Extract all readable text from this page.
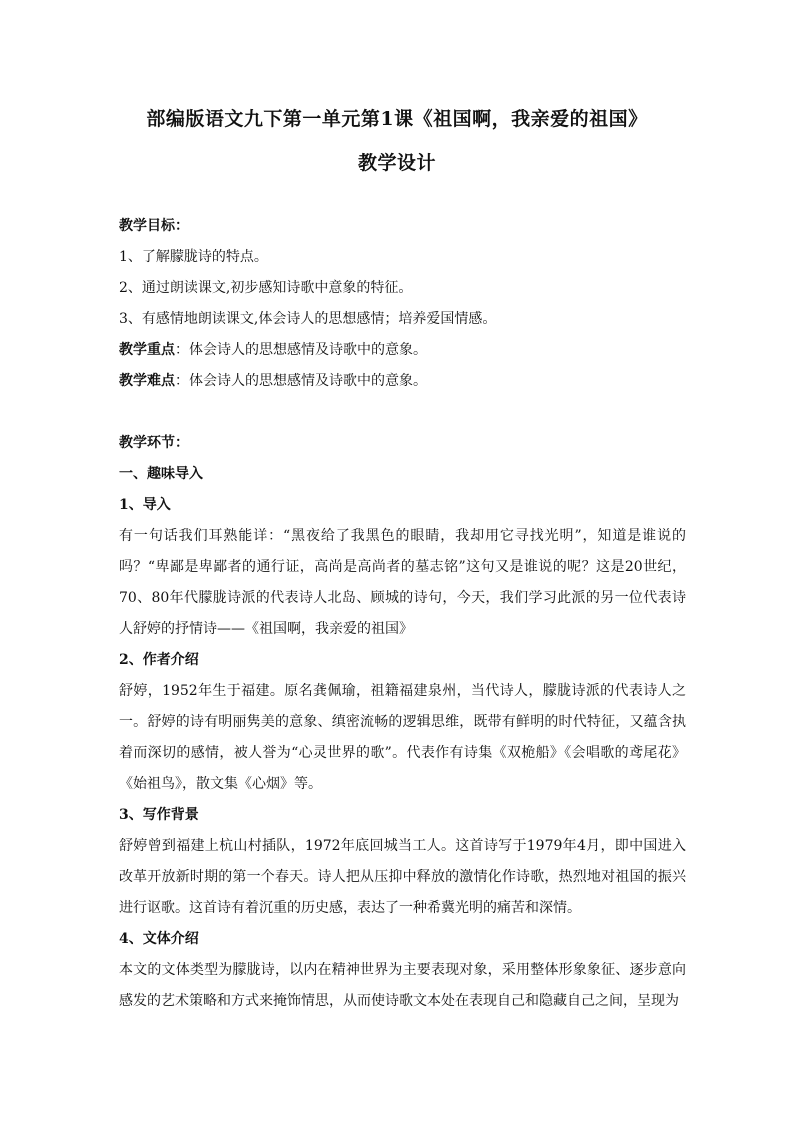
部编版语文九下第一单元第1课《祖国啊，我亲爱的祖国》
教学设计
教学目标：
1、了解朦胧诗的特点。
2、通过朗读课文,初步感知诗歌中意象的特征。
3、有感情地朗读课文,体会诗人的思想感情；培养爱国情感。
教学重点：体会诗人的思想感情及诗歌中的意象。
教学难点：体会诗人的思想感情及诗歌中的意象。
教学环节：
一、趣味导入
1、导入
有一句话我们耳熟能详：“黑夜给了我黑色的眼睛，我却用它寻找光明”，知道是谁说的吗？“卑鄙是卑鄙者的通行证，高尚是高尚者的墓志铭”这句又是谁说的呢？这是20世纪，70、80年代朦胧诗派的代表诗人北岛、顾城的诗句，今天，我们学习此派的另一位代表诗人舒婷的抒情诗——《祖国啊，我亲爱的祖国》
2、作者介绍
舒婷，1952年生于福建。原名龚佩瑜，祖籍福建泉州，当代诗人，朦胧诗派的代表诗人之一。舒婷的诗有明丽隽美的意象、缜密流畅的逻辑思维，既带有鲜明的时代特征，又蕴含执着而深切的感情，被人誉为“心灵世界的歌”。代表作有诗集《双桅船》《会唱歌的鸢尾花》《始祖鸟》，散文集《心烟》等。
3、写作背景
舒婷曾到福建上杭山村插队，1972年底回城当工人。这首诗写于1979年4月，即中国进入改革开放新时期的第一个春天。诗人把从压抑中释放的激情化作诗歌，热烈地对祖国的振兴进行讴歌。这首诗有着沉重的历史感，表达了一种希冀光明的痛苦和深情。
4、文体介绍
本文的文体类型为朦胧诗，以内在精神世界为主要表现对象，采用整体形象象征、逐步意向感发的艺术策略和方式来掩饰情思，从而使诗歌文本处在表现自己和隐藏自己之间，呈现为
